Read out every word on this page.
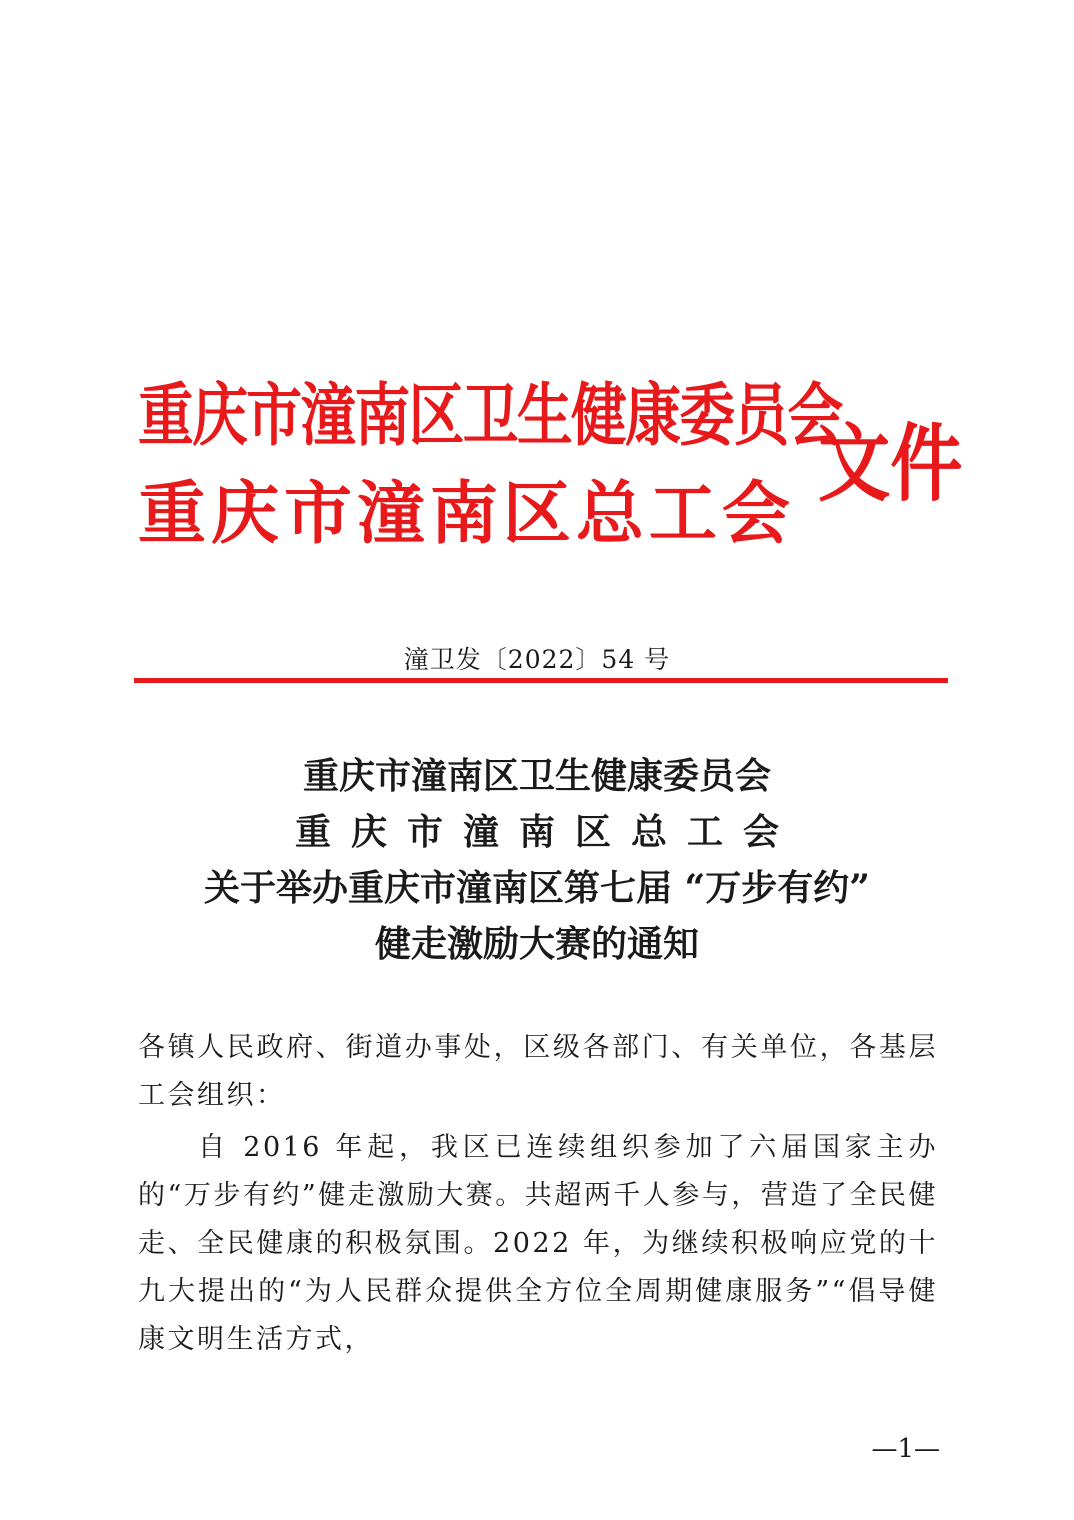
重庆市潼南区卫生健康委员会
重 庆 市 潼 南 区 总 工 会
文件
潼卫发〔2022〕54 号
重庆市潼南区卫生健康委员会
重庆市潼南区总工会
关于举办重庆市潼南区第七届 “万步有约”
健走激励大赛的通知

各镇人民政府、街道办事处，区级各部门、有关单位，各基层工会组织：

自 2016 年起，我区已连续组织参加了六届国家主办的“万步有约”健走激励大赛。共超两千人参与，营造了全民健走、全民健康的积极氛围。2022 年，为继续积极响应党的十九大提出的“为人民群众提供全方位全周期健康服务”“倡导健康文明生活方式，

—1—
